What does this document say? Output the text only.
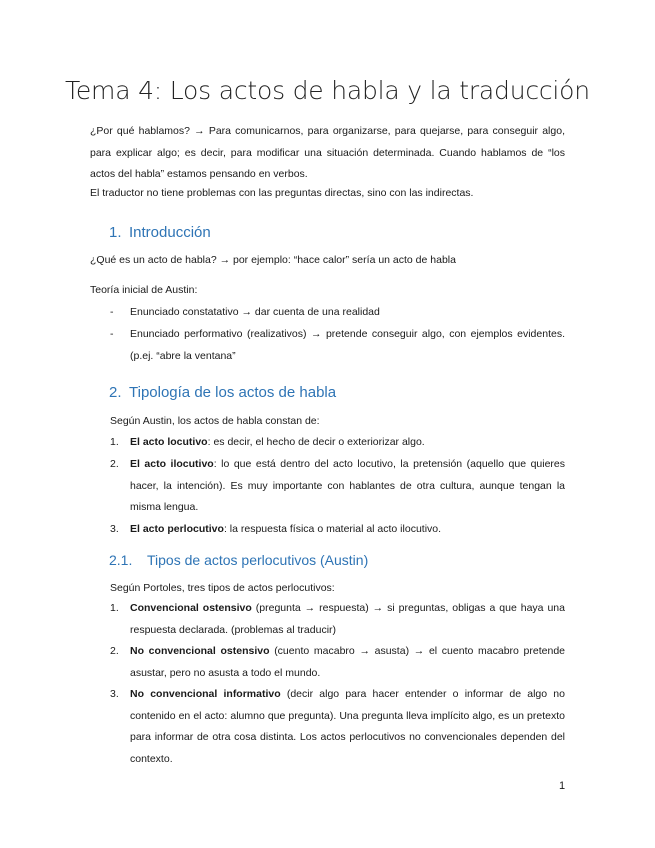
Tema 4: Los actos de habla y la traducción
¿Por qué hablamos? → Para comunicarnos, para organizarse, para quejarse, para conseguir algo, para explicar algo; es decir, para modificar una situación determinada. Cuando hablamos de “los actos del habla” estamos pensando en verbos.
El traductor no tiene problemas con las preguntas directas, sino con las indirectas.
1. Introducción
¿Qué es un acto de habla? → por ejemplo: “hace calor” sería un acto de habla
Teoría inicial de Austin:
- Enunciado constatativo → dar cuenta de una realidad
- Enunciado performativo (realizativos) → pretende conseguir algo, con ejemplos evidentes. (p.ej. “abre la ventana”
2. Tipología de los actos de habla
Según Austin, los actos de habla constan de:
1. El acto locutivo: es decir, el hecho de decir o exteriorizar algo.
2. El acto ilocutivo: lo que está dentro del acto locutivo, la pretensión (aquello que quieres hacer, la intención). Es muy importante con hablantes de otra cultura, aunque tengan la misma lengua.
3. El acto perlocutivo: la respuesta física o material al acto ilocutivo.
2.1. Tipos de actos perlocutivos (Austin)
Según Portoles, tres tipos de actos perlocutivos:
1. Convencional ostensivo (pregunta → respuesta) → si preguntas, obligas a que haya una respuesta declarada. (problemas al traducir)
2. No convencional ostensivo (cuento macabro → asusta) → el cuento macabro pretende asustar, pero no asusta a todo el mundo.
3. No convencional informativo (decir algo para hacer entender o informar de algo no contenido en el acto: alumno que pregunta). Una pregunta lleva implícito algo, es un pretexto para informar de otra cosa distinta. Los actos perlocutivos no convencionales dependen del contexto.
1
